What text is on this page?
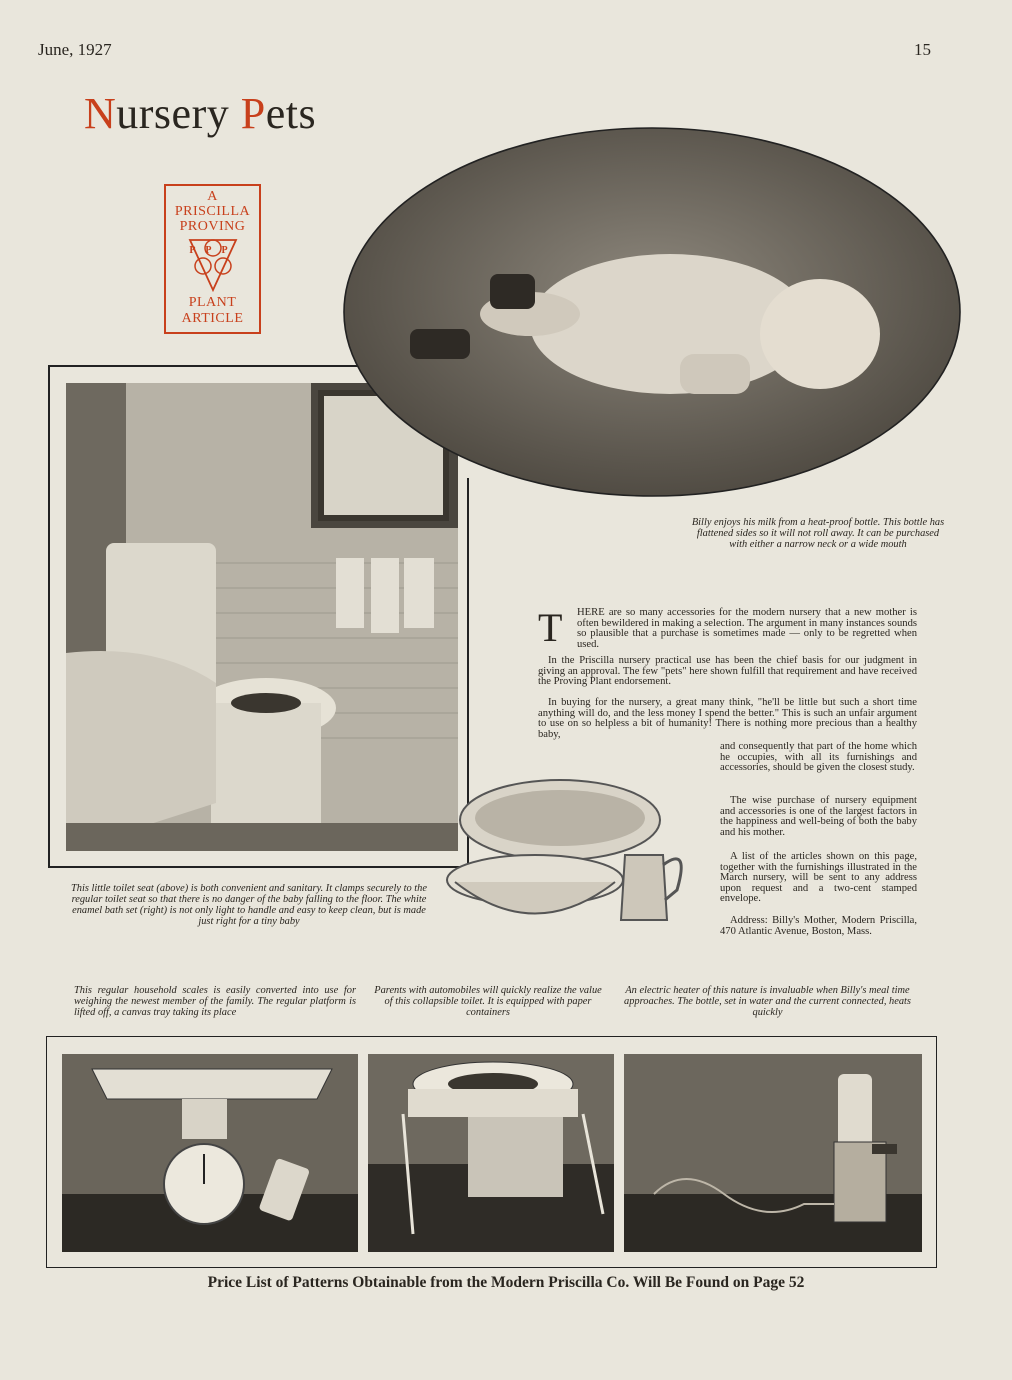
June, 1927	15
Nursery Pets
A
PRISCILLA
PROVING
P P P
PLANT
ARTICLE
Billy enjoys his milk from a heat-proof bottle. This bottle has flattened sides so it will not roll away. It can be purchased with either a narrow neck or a wide mouth
T HERE are so many accessories for the modern nursery that a new mother is often bewildered in making a selection. The argument in many instances sounds so plausible that a purchase is sometimes made — only to be regretted when used.
In the Priscilla nursery practical use has been the chief basis for our judgment in giving an approval. The few "pets" here shown fulfill that requirement and have received the Proving Plant endorsement.
In buying for the nursery, a great many think, "he'll be little but such a short time anything will do, and the less money I spend the better." This is such an unfair argument to use on so helpless a bit of humanity! There is nothing more precious than a healthy baby,
and consequently that part of the home which he occupies, with all its furnishings and accessories, should be given the closest study.
The wise purchase of nursery equipment and accessories is one of the largest factors in the happiness and well-being of both the baby and his mother.
A list of the articles shown on this page, together with the furnishings illustrated in the March nursery, will be sent to any address upon request and a two-cent stamped envelope.
Address: Billy's Mother, Modern Priscilla, 470 Atlantic Avenue, Boston, Mass.
This little toilet seat (above) is both convenient and sanitary. It clamps securely to the regular toilet seat so that there is no danger of the baby falling to the floor. The white enamel bath set (right) is not only light to handle and easy to keep clean, but is made just right for a tiny baby
This regular household scales is easily converted into use for weighing the newest member of the family. The regular platform is lifted off, a canvas tray taking its place
Parents with automobiles will quickly realize the value of this collapsible toilet. It is equipped with paper containers
An electric heater of this nature is invaluable when Billy's meal time approaches. The bottle, set in water and the current connected, heats quickly
Price List of Patterns Obtainable from the Modern Priscilla Co. Will Be Found on Page 52
